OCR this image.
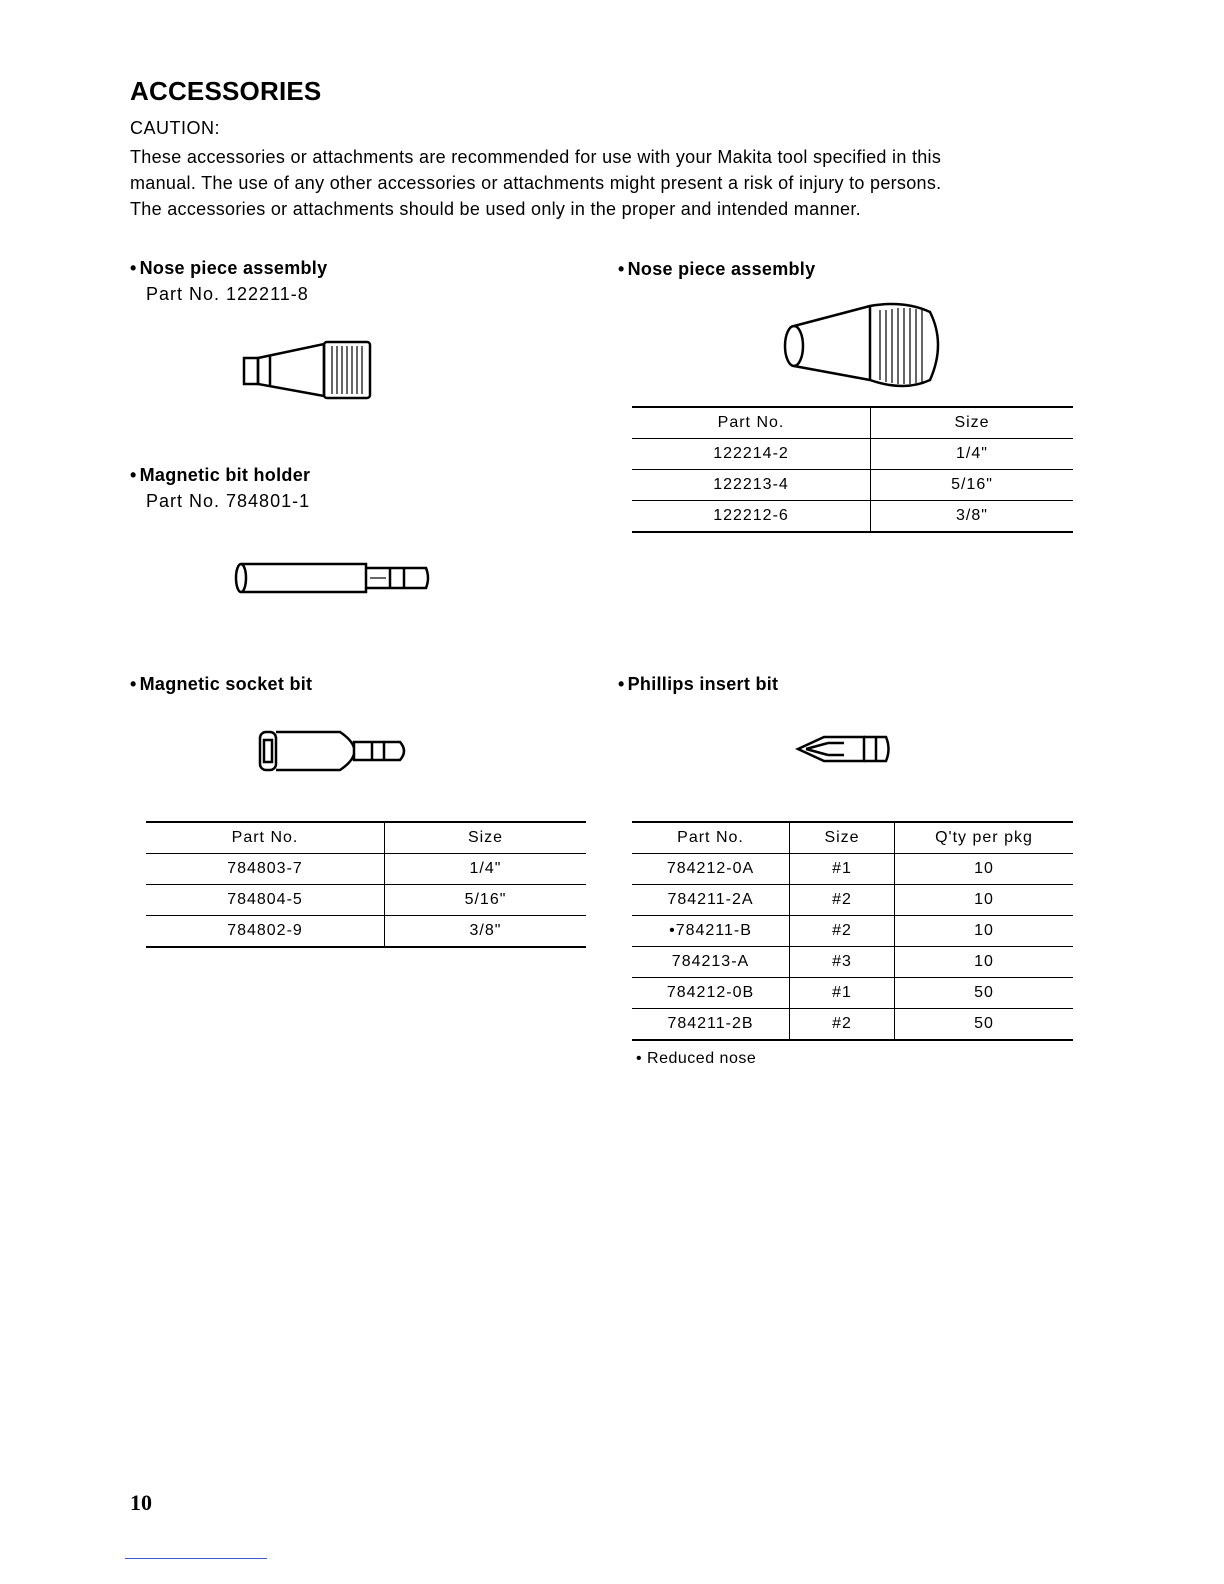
ACCESSORIES
CAUTION:
These accessories or attachments are recommended for use with your Makita tool specified in this
manual. The use of any other accessories or attachments might present a risk of injury to persons.
The accessories or attachments should be used only in the proper and intended manner.
• Nose piece assembly
Part No. 122211-8
• Nose piece assembly
Part No.	Size
122214-2	1/4"
122213-4	5/16"
122212-6	3/8"
• Magnetic bit holder
Part No. 784801-1
• Magnetic socket bit
Part No.	Size
784803-7	1/4"
784804-5	5/16"
784802-9	3/8"
• Phillips insert bit
Part No.	Size	Q'ty per pkg
784212-0A	#1	10
784211-2A	#2	10
•784211-B	#2	10
784213-A	#3	10
784212-0B	#1	50
784211-2B	#2	50
• Reduced nose
10
